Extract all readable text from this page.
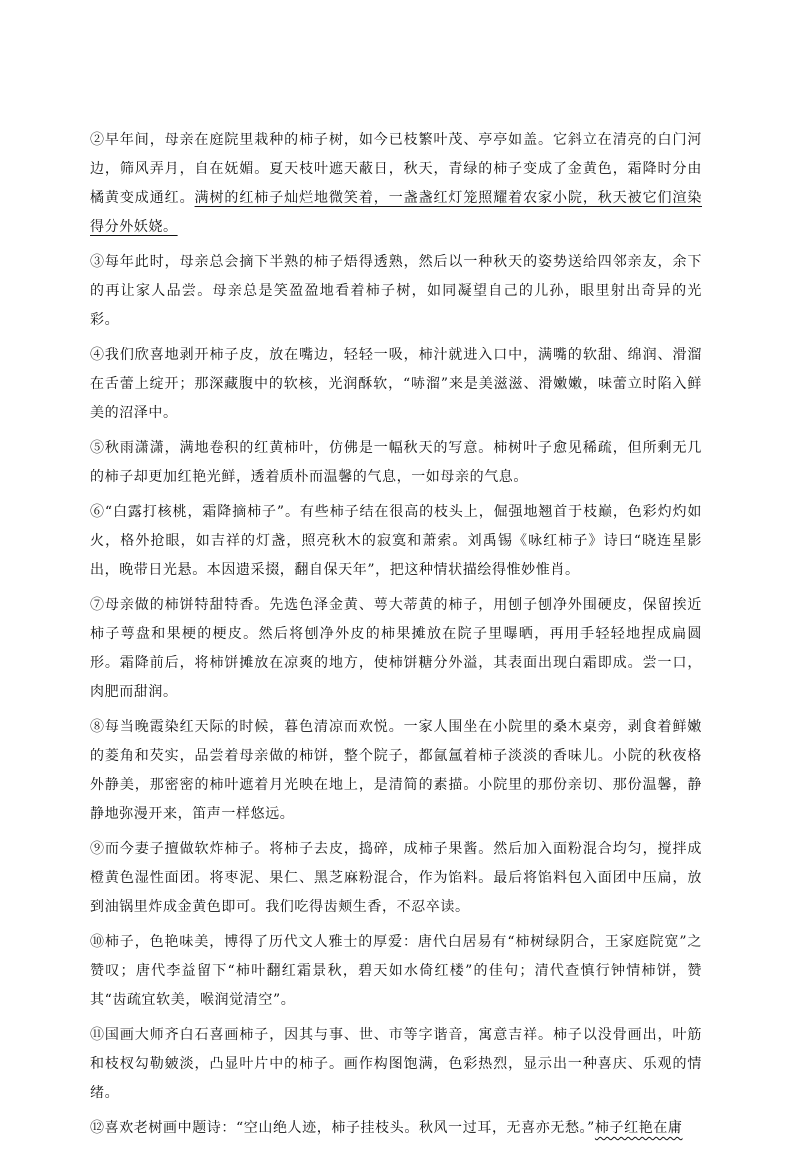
②早年间，母亲在庭院里栽种的柿子树，如今已枝繁叶茂、亭亭如盖。它斜立在清亮的白门河边，筛风弄月，自在妩媚。夏天枝叶遮天蔽日，秋天，青绿的柿子变成了金黄色，霜降时分由橘黄变成通红。满树的红柿子灿烂地微笑着，一盏盏红灯笼照耀着农家小院，秋天被它们渲染得分外妖娆。

③每年此时，母亲总会摘下半熟的柿子焐得透熟，然后以一种秋天的姿势送给四邻亲友，余下的再让家人品尝。母亲总是笑盈盈地看着柿子树，如同凝望自己的儿孙，眼里射出奇异的光彩。

④我们欣喜地剥开柿子皮，放在嘴边，轻轻一吸，柿汁就进入口中，满嘴的软甜、绵润、滑溜在舌蕾上绽开；那深藏腹中的软核，光润酥软，“哧溜”来是美滋滋、滑嫩嫩，味蕾立时陷入鲜美的沼泽中。

⑤秋雨潇潇，满地卷积的红黄柿叶，仿佛是一幅秋天的写意。柿树叶子愈见稀疏，但所剩无几的柿子却更加红艳光鲜，透着质朴而温馨的气息，一如母亲的气息。

⑥“白露打核桃，霜降摘柿子”。有些柿子结在很高的枝头上，倔强地翘首于枝巅，色彩灼灼如火，格外抢眼，如吉祥的灯盏，照亮秋木的寂寞和萧索。刘禹锡《咏红柿子》诗曰“晓连星影出，晚带日光悬。本因遗采掇，翻自保天年”，把这种情状描绘得惟妙惟肖。

⑦母亲做的柿饼特甜特香。先选色泽金黄、萼大蒂黄的柿子，用刨子刨净外围硬皮，保留挨近柿子萼盘和果梗的梗皮。然后将刨净外皮的柿果摊放在院子里曝晒，再用手轻轻地捏成扁圆形。霜降前后，将柿饼摊放在凉爽的地方，使柿饼糖分外溢，其表面出现白霜即成。尝一口，肉肥而甜润。

⑧每当晚霞染红天际的时候，暮色清凉而欢悦。一家人围坐在小院里的桑木桌旁，剥食着鲜嫩的菱角和芡实，品尝着母亲做的柿饼，整个院子，都氤氲着柿子淡淡的香味儿。小院的秋夜格外静美，那密密的柿叶遮着月光映在地上，是清简的素描。小院里的那份亲切、那份温馨，静静地弥漫开来，笛声一样悠远。

⑨而今妻子擅做软炸柿子。将柿子去皮，捣碎，成柿子果酱。然后加入面粉混合均匀，搅拌成橙黄色湿性面团。将枣泥、果仁、黑芝麻粉混合，作为馅料。最后将馅料包入面团中压扁，放到油锅里炸成金黄色即可。我们吃得齿颊生香，不忍卒读。

⑩柿子，色艳味美，博得了历代文人雅士的厚爱：唐代白居易有“柿树绿阴合，王家庭院宽”之赞叹；唐代李益留下“柿叶翻红霜景秋，碧天如水倚红楼”的佳句；清代查慎行钟情柿饼，赞其“齿疏宜软美，喉润觉清空”。

⑪国画大师齐白石喜画柿子，因其与事、世、市等字谐音，寓意吉祥。柿子以没骨画出，叶筋和枝杈勾勒皴淡，凸显叶片中的柿子。画作构图饱满，色彩热烈，显示出一种喜庆、乐观的情绪。

⑫喜欢老树画中题诗：“空山绝人迹，柿子挂枝头。秋风一过耳，无喜亦无愁。”柿子红艳在庸
